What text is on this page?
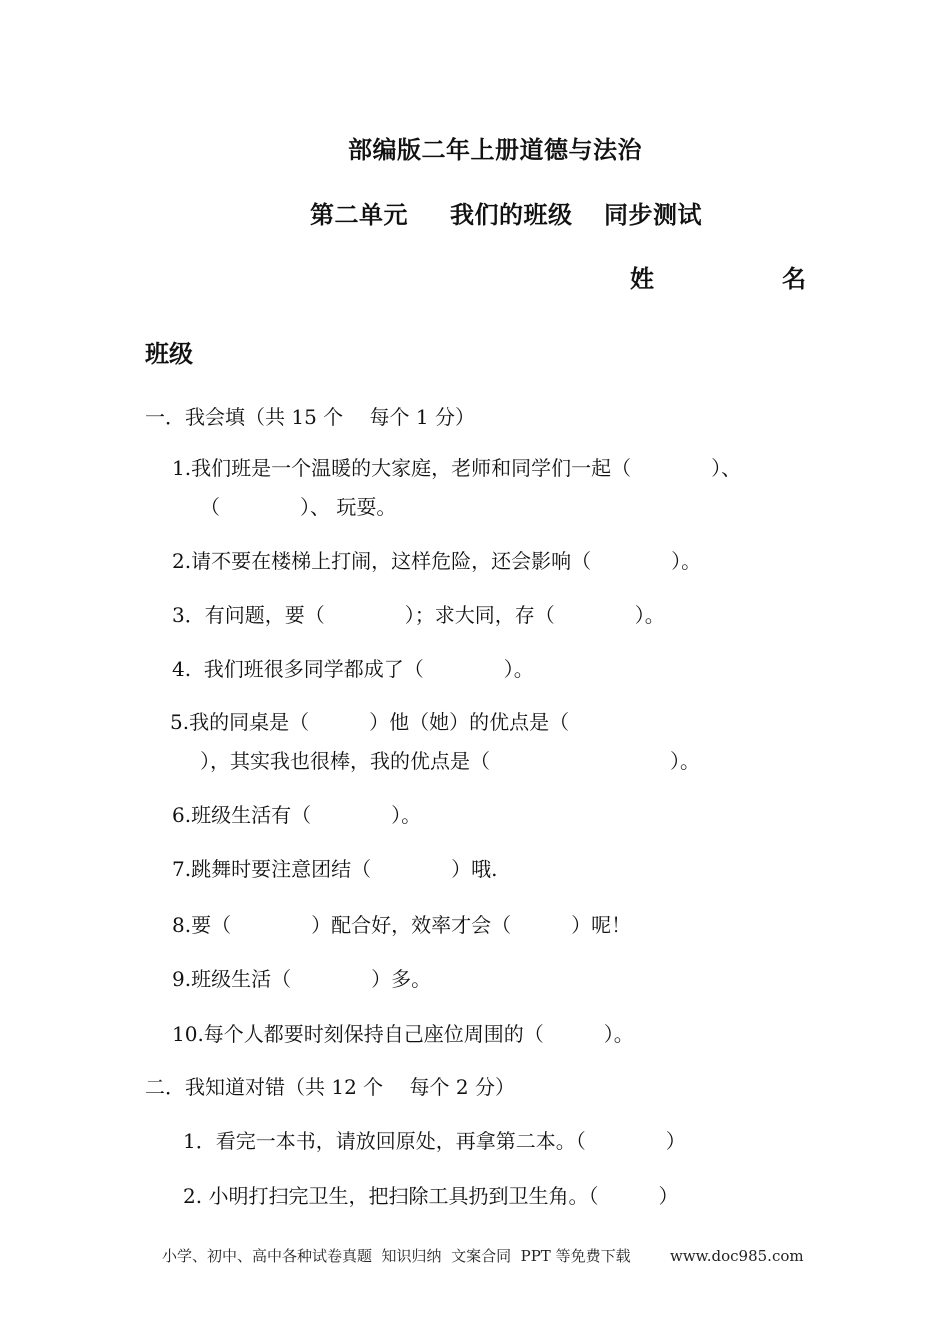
部编版二年上册道德与法治
第二单元 我们的班级 同步测试
姓	名
班级
一．我会填（共 15 个　 每个 1 分）
1.我们班是一个温暖的大家庭，老师和同学们一起（　　　　）、
（　　　　）、 玩耍。
2.请不要在楼梯上打闹，这样危险，还会影响（　　　　）。
3．有问题，要（　　　　）；求大同，存（　　　　）。
4.  我们班很多同学都成了（　　　　）。
5.我的同桌是（　　　）他（她）的优点是（
），其实我也很棒，我的优点是（　　　　　　　　　）。
6.班级生活有（　　　　）。
7.跳舞时要注意团结（　　　　）哦.
8.要（　　　　）配合好，效率才会（　　　）呢！
9.班级生活（　　　　）多。
10.每个人都要时刻保持自己座位周围的（　　　）。
二．我知道对错（共 12 个　 每个 2 分）
1．看完一本书，请放回原处，再拿第二本。（　　　　）
2. 小明打扫完卫生，把扫除工具扔到卫生角。（　　　）
小学、初中、高中各种试卷真题  知识归纳  文案合同  PPT 等免费下载	www.doc985.com
